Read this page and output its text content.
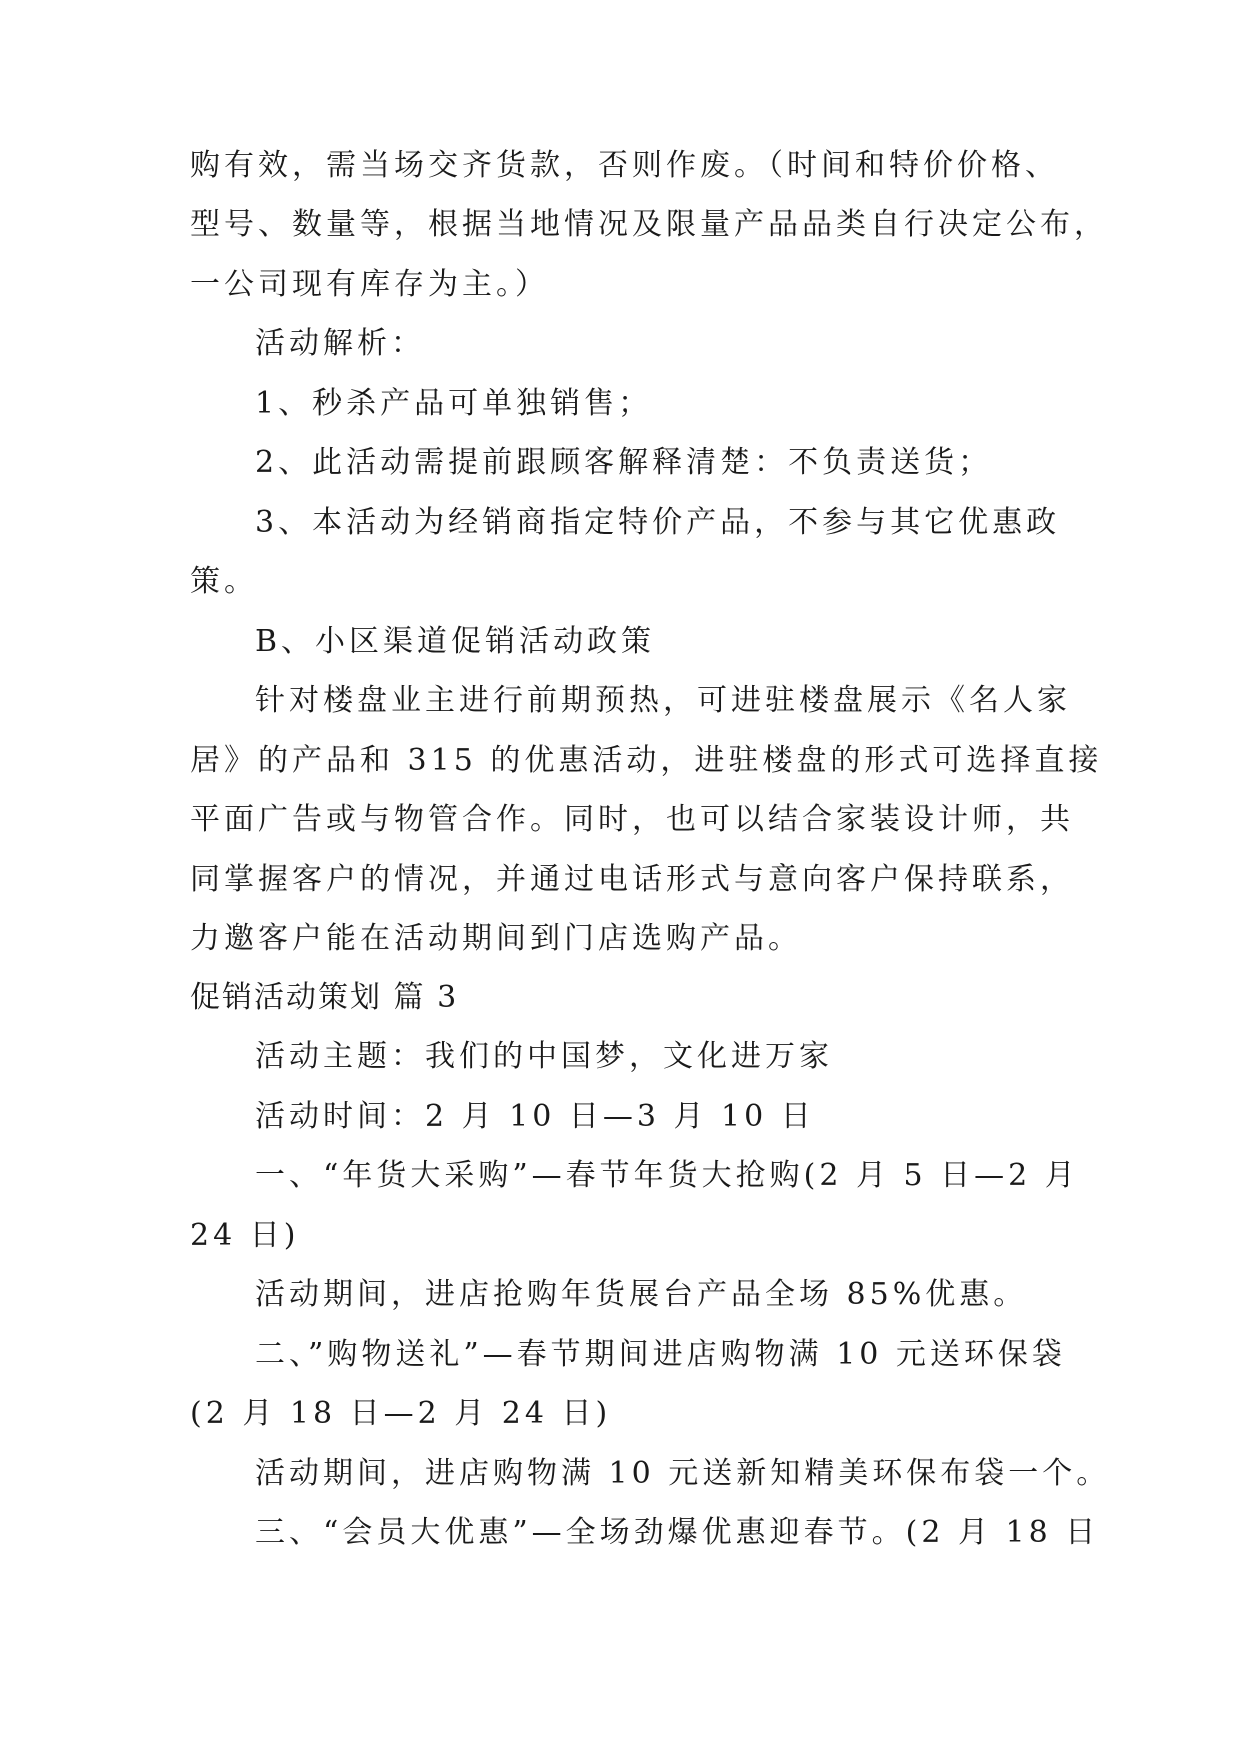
购有效，需当场交齐货款，否则作废。（时间和特价价格、
型号、数量等，根据当地情况及限量产品品类自行决定公布，
一公司现有库存为主。）
活动解析：
1、秒杀产品可单独销售；
2、此活动需提前跟顾客解释清楚：不负责送货；
3、本活动为经销商指定特价产品，不参与其它优惠政
策。
B、小区渠道促销活动政策
针对楼盘业主进行前期预热，可进驻楼盘展示《名人家
居》的产品和 315 的优惠活动，进驻楼盘的形式可选择直接
平面广告或与物管合作。同时，也可以结合家装设计师，共
同掌握客户的情况，并通过电话形式与意向客户保持联系，
力邀客户能在活动期间到门店选购产品。
促销活动策划 篇 3
活动主题：我们的中国梦，文化进万家
活动时间：2 月 10 日—3 月 10 日
一、“年货大采购”—春节年货大抢购(2 月 5 日—2 月
24 日)
活动期间，进店抢购年货展台产品全场 85%优惠。
二、”购物送礼”—春节期间进店购物满 10 元送环保袋
(2 月 18 日—2 月 24 日)
活动期间，进店购物满 10 元送新知精美环保布袋一个。
三、“会员大优惠”—全场劲爆优惠迎春节。(2 月 18 日
